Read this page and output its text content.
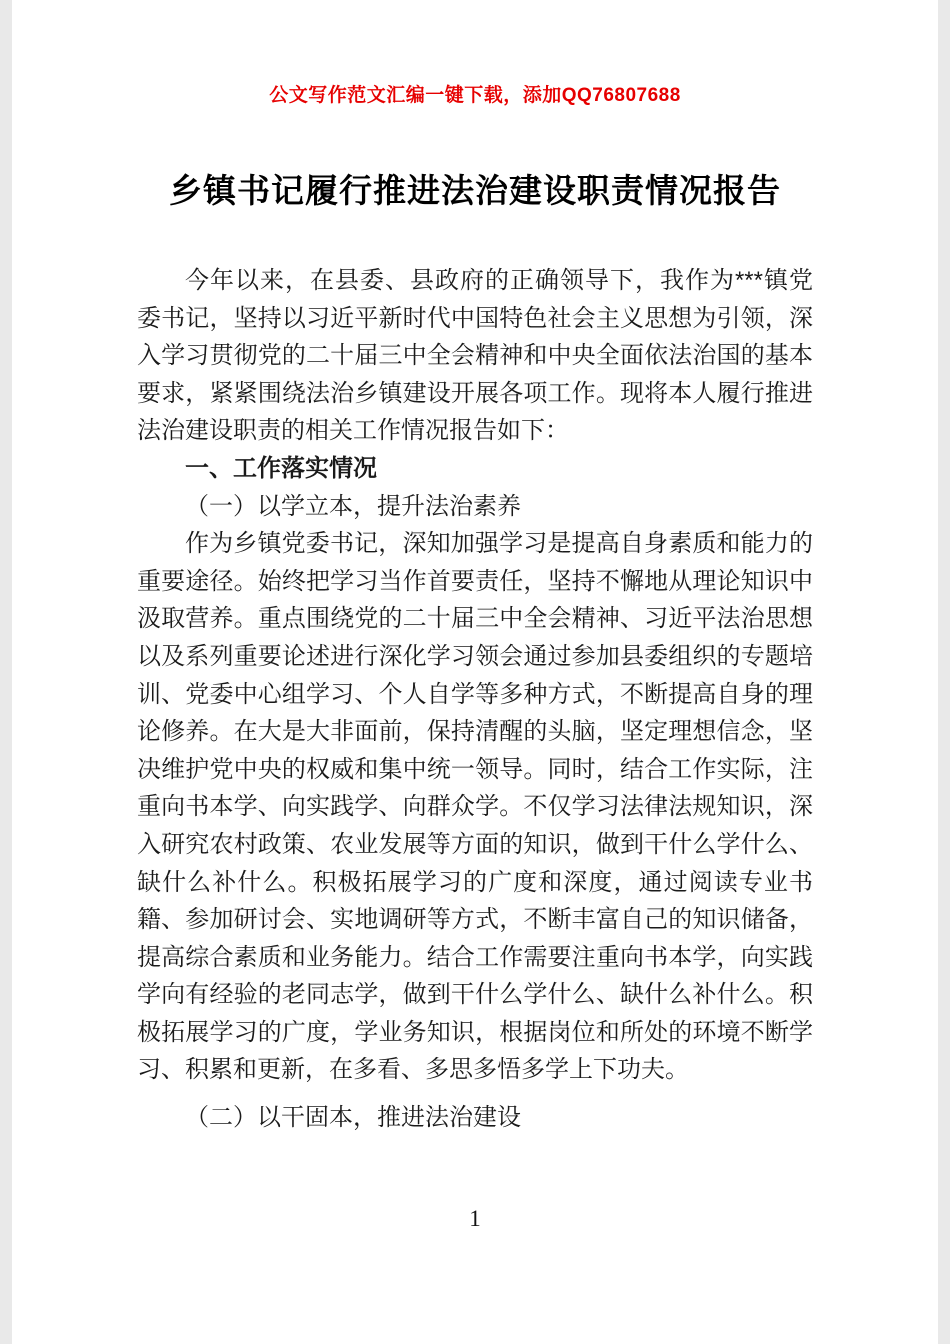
公文写作范文汇编一键下载，添加QQ76807688
乡镇书记履行推进法治建设职责情况报告

今年以来，在县委、县政府的正确领导下，我作为***镇党委书记，坚持以习近平新时代中国特色社会主义思想为引领，深入学习贯彻党的二十届三中全会精神和中央全面依法治国的基本要求，紧紧围绕法治乡镇建设开展各项工作。现将本人履行推进法治建设职责的相关工作情况报告如下：

一、工作落实情况

（一）以学立本，提升法治素养

作为乡镇党委书记，深知加强学习是提高自身素质和能力的重要途径。始终把学习当作首要责任，坚持不懈地从理论知识中汲取营养。重点围绕党的二十届三中全会精神、习近平法治思想以及系列重要论述进行深化学习领会通过参加县委组织的专题培训、党委中心组学习、个人自学等多种方式，不断提高自身的理论修养。在大是大非面前，保持清醒的头脑，坚定理想信念，坚决维护党中央的权威和集中统一领导。同时，结合工作实际，注重向书本学、向实践学、向群众学。不仅学习法律法规知识，深入研究农村政策、农业发展等方面的知识，做到干什么学什么、缺什么补什么。积极拓展学习的广度和深度，通过阅读专业书籍、参加研讨会、实地调研等方式，不断丰富自己的知识储备，提高综合素质和业务能力。结合工作需要注重向书本学，向实践学向有经验的老同志学，做到干什么学什么、缺什么补什么。积极拓展学习的广度，学业务知识，根据岗位和所处的环境不断学习、积累和更新，在多看、多思多悟多学上下功夫。

（二）以干固本，推进法治建设

1
